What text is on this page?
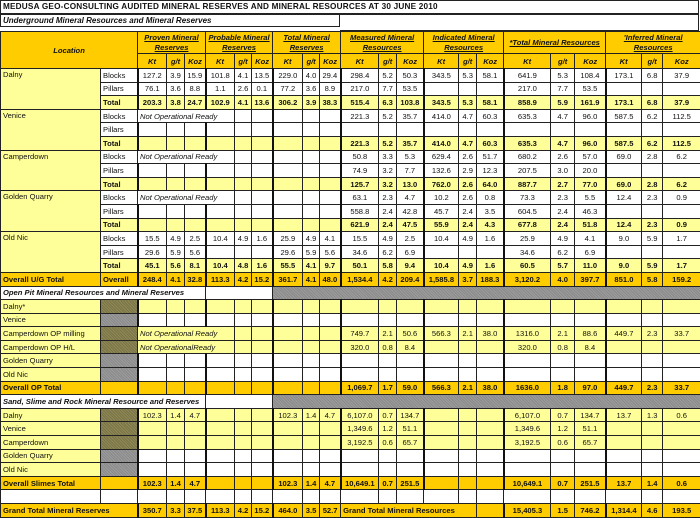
MEDUSA GEO-CONSULTING AUDITED MINERAL RESERVES AND MINERAL RESOURCES AT 30 JUNE 2010
Underground Mineral Resources and Mineral Reserves
Location		Proven Mineral Reserves			Probable Mineral Reserves			Total Mineral Reserves			Measured Mineral Resources			Indicated Mineral Resources			*Total Mineral Resources			'Inferred Mineral Resources		
		Kt	g/t	Koz	Kt	g/t	Koz	Kt	g/t	Koz	Kt	g/t	Koz	Kt	g/t	Koz	Kt	g/t	Koz	Kt	g/t	Koz
Dalny	Blocks	127.2	3.9	15.9	101.8	4.1	13.5	229.0	4.0	29.4	298.4	5.2	50.3	343.5	5.3	58.1	641.9	5.3	108.4	173.1	6.8	37.9
	Pillars	76.1	3.6	8.8	1.1	2.6	0.1	77.2	3.6	8.9	217.0	7.7	53.5				217.0	7.7	53.5			
	Total	203.3	3.8	24.7	102.9	4.1	13.6	306.2	3.9	38.3	515.4	6.3	103.8	343.5	5.3	58.1	858.9	5.9	161.9	173.1	6.8	37.9
Venice	Blocks	Not Operational Ready									221.3	5.2	35.7	414.0	4.7	60.3	635.3	4.7	96.0	587.5	6.2	112.5
	Pillars																					
	Total										221.3	5.2	35.7	414.0	4.7	60.3	635.3	4.7	96.0	587.5	6.2	112.5
Camperdown	Blocks	Not Operational Ready									50.8	3.3	5.3	629.4	2.6	51.7	680.2	2.6	57.0	69.0	2.8	6.2
	Pillars										74.9	3.2	7.7	132.6	2.9	12.3	207.5	3.0	20.0			
	Total										125.7	3.2	13.0	762.0	2.6	64.0	887.7	2.7	77.0	69.0	2.8	6.2
Golden Quarry	Blocks	Not Operational Ready									63.1	2.3	4.7	10.2	2.6	0.8	73.3	2.3	5.5	12.4	2.3	0.9
	Pillars										558.8	2.4	42.8	45.7	2.4	3.5	604.5	2.4	46.3			
	Total										621.9	2.4	47.5	55.9	2.4	4.3	677.8	2.4	51.8	12.4	2.3	0.9
Old Nic	Blocks	15.5	4.9	2.5	10.4	4.9	1.6	25.9	4.9	4.1	15.5	4.9	2.5	10.4	4.9	1.6	25.9	4.9	4.1	9.0	5.9	1.7
	Pillars	29.6	5.9	5.6				29.6	5.9	5.6	34.6	6.2	6.9				34.6	6.2	6.9			
	Total	45.1	5.6	8.1	10.4	4.8	1.6	55.5	4.1	9.7	50.1	5.8	9.4	10.4	4.9	1.6	60.5	5.7	11.0	9.0	5.9	1.7
Overall U/G Total	Overall	248.4	4.1	32.8	113.3	4.2	15.2	361.7	4.1	48.0	1,534.4	4.2	209.4	1,585.8	3.7	188.3	3,120.2	4.0	397.7	851.0	5.8	159.2
Open Pit Mineral Resources and Mineral Reserves																						
Dalny*																						
Venice																						
Camperdown OP milling		Not Operational Ready									749.7	2.1	50.6	566.3	2.1	38.0	1316.0	2.1	88.6	449.7	2.3	33.7
Camperdown OP H/L		Not OperationalReady									320.0	0.8	8.4				320.0	0.8	8.4			
Golden Quarry																						
Old Nic																						
Overall OP Total											1,069.7	1.7	59.0	566.3	2.1	38.0	1636.0	1.8	97.0	449.7	2.3	33.7
Sand, Slime and Rock Mineral Resource and Reserves																						
Dalny		102.3	1.4	4.7				102.3	1.4	4.7	6,107.0	0.7	134.7				6,107.0	0.7	134.7	13.7	1.3	0.6
Venice											1,349.6	1.2	51.1				1,349.6	1.2	51.1			
Camperdown											3,192.5	0.6	65.7				3,192.5	0.6	65.7			
Golden Quarry																						
Old Nic																						
Overall Slimes Total		102.3	1.4	4.7				102.3	1.4	4.7	10,649.1	0.7	251.5				10,649.1	0.7	251.5	13.7	1.4	0.6

Grand Total Mineral Reserves		350.7	3.3	37.5	113.3	4.2	15.2	464.0	3.5	52.7	Grand Total Mineral Resources						15,405.3	1.5	746.2	1,314.4	4.6	193.5
